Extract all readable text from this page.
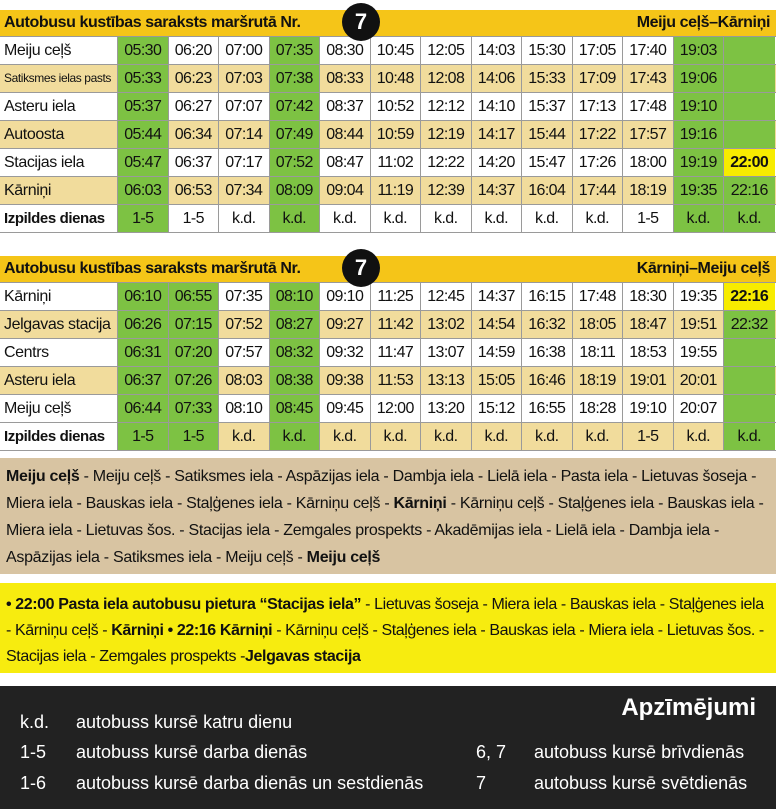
Autobusu kustības saraksts maršrutā Nr.	7	Meiju ceļš–Kārniņi
Meiju ceļš	05:30 06:20 07:00 07:35 08:30 10:45 12:05 14:03 15:30 17:05 17:40 19:03
Satiksmes ielas pasts 05:33 06:23 07:03 07:38 08:33 10:48 12:08 14:06 15:33 17:09 17:43 19:06
Asteru iela	05:37 06:27 07:07 07:42 08:37 10:52 12:12 14:10 15:37 17:13 17:48 19:10
Autoosta	05:44 06:34 07:14 07:49 08:44 10:59 12:19 14:17 15:44 17:22 17:57 19:16
Stacijas iela	05:47 06:37 07:17 07:52 08:47 11:02 12:22 14:20 15:47 17:26 18:00 19:19 22:00
Kārniņi	06:03 06:53 07:34 08:09 09:04 11:19 12:39 14:37 16:04 17:44 18:19 19:35 22:16
Izpildes dienas	1-5	1-5	k.d.	k.d.	k.d.	k.d.	k.d.	k.d.	k.d.	k.d.	1-5	k.d.	k.d.
Autobusu kustības saraksts maršrutā Nr.	7	Kārniņi–Meiju ceļš
Kārniņi	06:10 06:55 07:35 08:10 09:10 11:25 12:45 14:37 16:15 17:48 18:30 19:35 22:16
Jelgavas stacija 06:26 07:15 07:52 08:27 09:27 11:42 13:02 14:54 16:32 18:05 18:47 19:51 22:32
Centrs	06:31 07:20 07:57 08:32 09:32 11:47 13:07 14:59 16:38 18:11 18:53 19:55
Asteru iela	06:37 07:26 08:03 08:38 09:38 11:53 13:13 15:05 16:46 18:19 19:01 20:01
Meiju ceļš	06:44 07:33 08:10 08:45 09:45 12:00 13:20 15:12 16:55 18:28 19:10 20:07
Izpildes dienas	1-5	1-5	k.d.	k.d.	k.d.	k.d.	k.d.	k.d.	k.d.	k.d.	1-5	k.d.	k.d.
Meiju ceļš - Meiju ceļš - Satiksmes iela - Aspāzijas iela - Dambja iela - Lielā iela - Pasta iela - Lietuvas šoseja - Miera iela - Bauskas iela - Staļģenes iela - Kārniņu ceļš - Kārniņi - Kārniņu ceļš - Staļģenes iela - Bauskas iela - Miera iela - Lietuvas šos. - Stacijas iela - Zemgales prospekts - Akadēmijas iela - Lielā iela - Dambja iela - Aspāzijas iela - Satiksmes iela - Meiju ceļš - Meiju ceļš
• 22:00 Pasta iela autobusu pietura “Stacijas iela” - Lietuvas šoseja - Miera iela - Bauskas iela - Staļģenes iela - Kārniņu ceļš - Kārniņi • 22:16 Kārniņi - Kārniņu ceļš - Staļģenes iela - Bauskas iela - Miera iela - Lietuvas šos. - Stacijas iela - Zemgales prospekts -Jelgavas stacija
Apzīmējumi
k.d. autobuss kursē katru dienu
1-5 autobuss kursē darba dienās
1-6 autobuss kursē darba dienās un sestdienās
6, 7 autobuss kursē brīvdienās
7	autobuss kursē svētdienās
